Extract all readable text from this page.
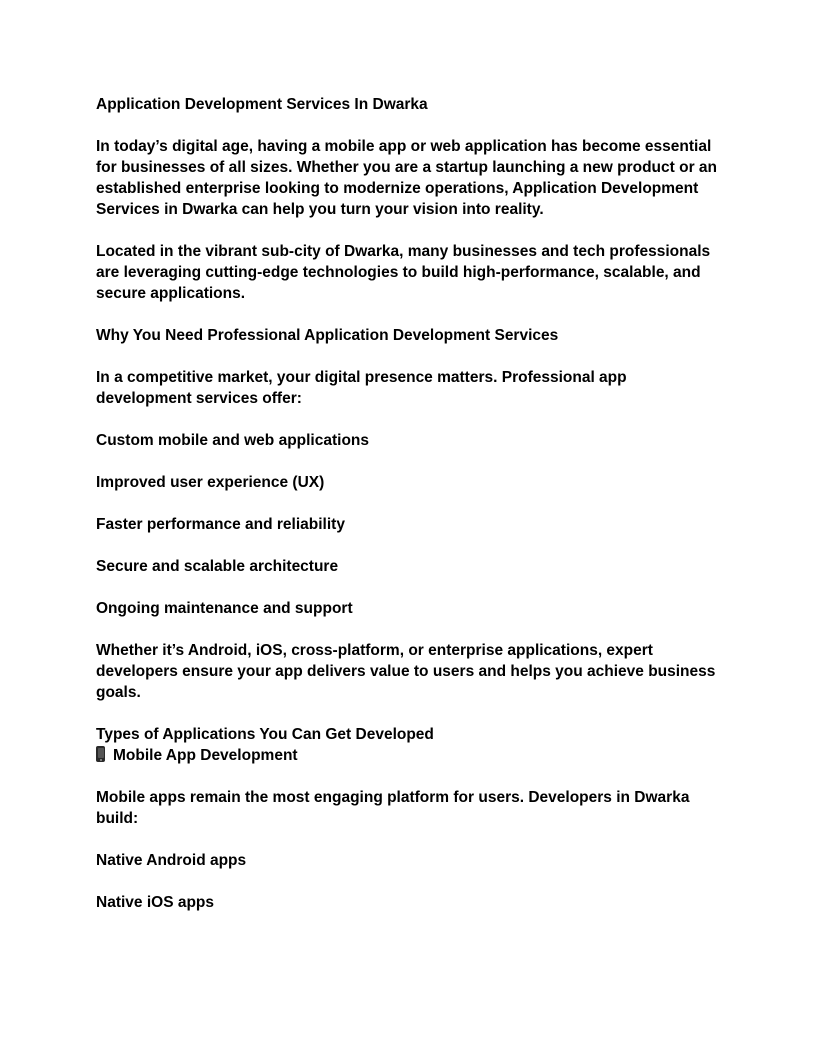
Application Development Services In Dwarka

In today’s digital age, having a mobile app or web application has become essential for businesses of all sizes. Whether you are a startup launching a new product or an established enterprise looking to modernize operations, Application Development Services in Dwarka can help you turn your vision into reality.

Located in the vibrant sub-city of Dwarka, many businesses and tech professionals are leveraging cutting-edge technologies to build high-performance, scalable, and secure applications.

Why You Need Professional Application Development Services

In a competitive market, your digital presence matters. Professional app development services offer:

Custom mobile and web applications

Improved user experience (UX)

Faster performance and reliability

Secure and scalable architecture

Ongoing maintenance and support

Whether it’s Android, iOS, cross-platform, or enterprise applications, expert developers ensure your app delivers value to users and helps you achieve business goals.

Types of Applications You Can Get Developed

Mobile App Development

Mobile apps remain the most engaging platform for users. Developers in Dwarka build:

Native Android apps

Native iOS apps
